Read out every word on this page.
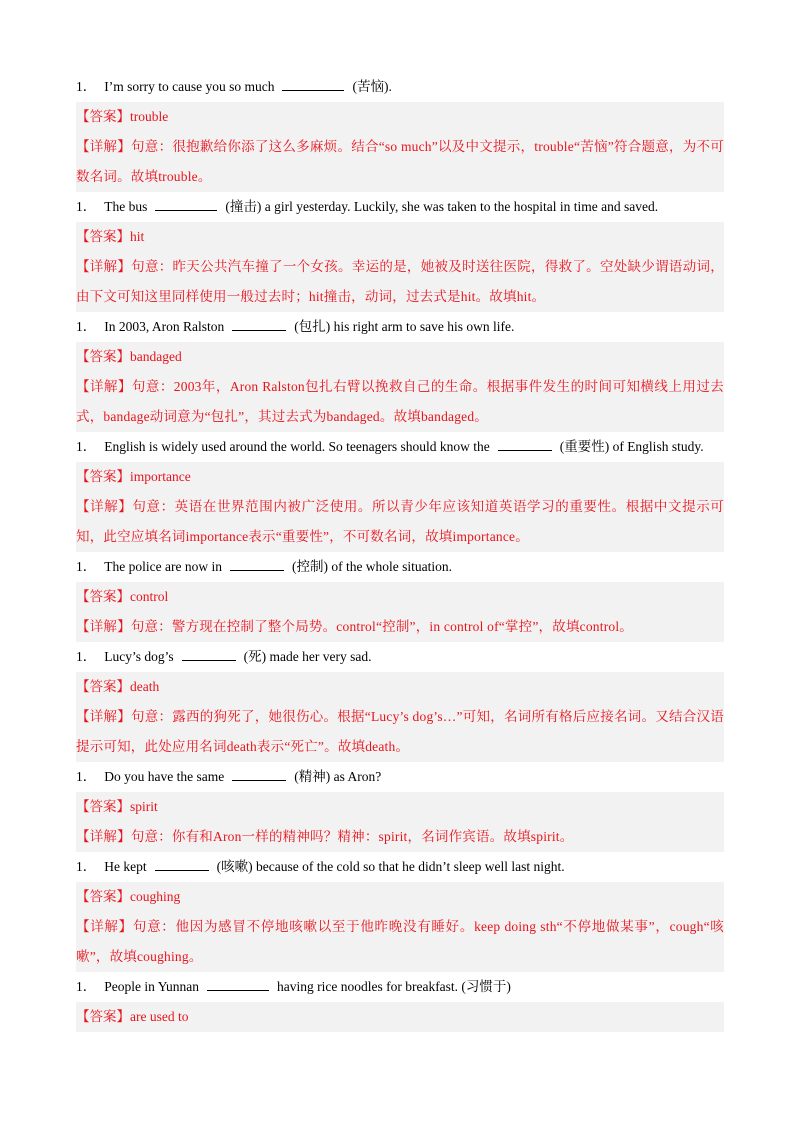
1． I’m sorry to cause you so much	(苦恼).
【答案】trouble
【详解】句意：很抱歉给你添了这么多麻烦。结合“so much”以及中文提示，trouble“苦恼”符合题意，为不可数名词。故填trouble。
1． The bus	(撞击) a girl yesterday. Luckily, she was taken to the hospital in time and saved.
【答案】hit
【详解】句意：昨天公共汽车撞了一个女孩。幸运的是，她被及时送往医院，得救了。空处缺少谓语动词，由下文可知这里同样使用一般过去时；hit撞击，动词，过去式是hit。故填hit。
1． In 2003, Aron Ralston	(包扎) his right arm to save his own life.
【答案】bandaged
【详解】句意：2003年，Aron Ralston包扎右臂以挽救自己的生命。根据事件发生的时间可知横线上用过去式，bandage动词意为“包扎”，其过去式为bandaged。故填bandaged。
1． English is widely used around the world. So teenagers should know the	(重要性) of English study.
【答案】importance
【详解】句意：英语在世界范围内被广泛使用。所以青少年应该知道英语学习的重要性。根据中文提示可知，此空应填名词importance表示“重要性”，不可数名词，故填importance。
1． The police are now in	(控制) of the whole situation.
【答案】control
【详解】句意：警方现在控制了整个局势。control“控制”，in control of“掌控”，故填control。
1． Lucy’s dog’s	(死) made her very sad.
【答案】death
【详解】句意：露西的狗死了，她很伤心。根据“Lucy’s dog’s…”可知，名词所有格后应接名词。又结合汉语提示可知，此处应用名词death表示“死亡”。故填death。
1． Do you have the same	(精神) as Aron?
【答案】spirit
【详解】句意：你有和Aron一样的精神吗？精神：spirit，名词作宾语。故填spirit。
1． He kept	(咳嗽) because of the cold so that he didn’t sleep well last night.
【答案】coughing
【详解】句意：他因为感冒不停地咳嗽以至于他昨晚没有睡好。keep doing sth“不停地做某事”，cough“咳嗽”，故填coughing。
1． People in Yunnan	having rice noodles for breakfast. (习惯于)
【答案】are used to
